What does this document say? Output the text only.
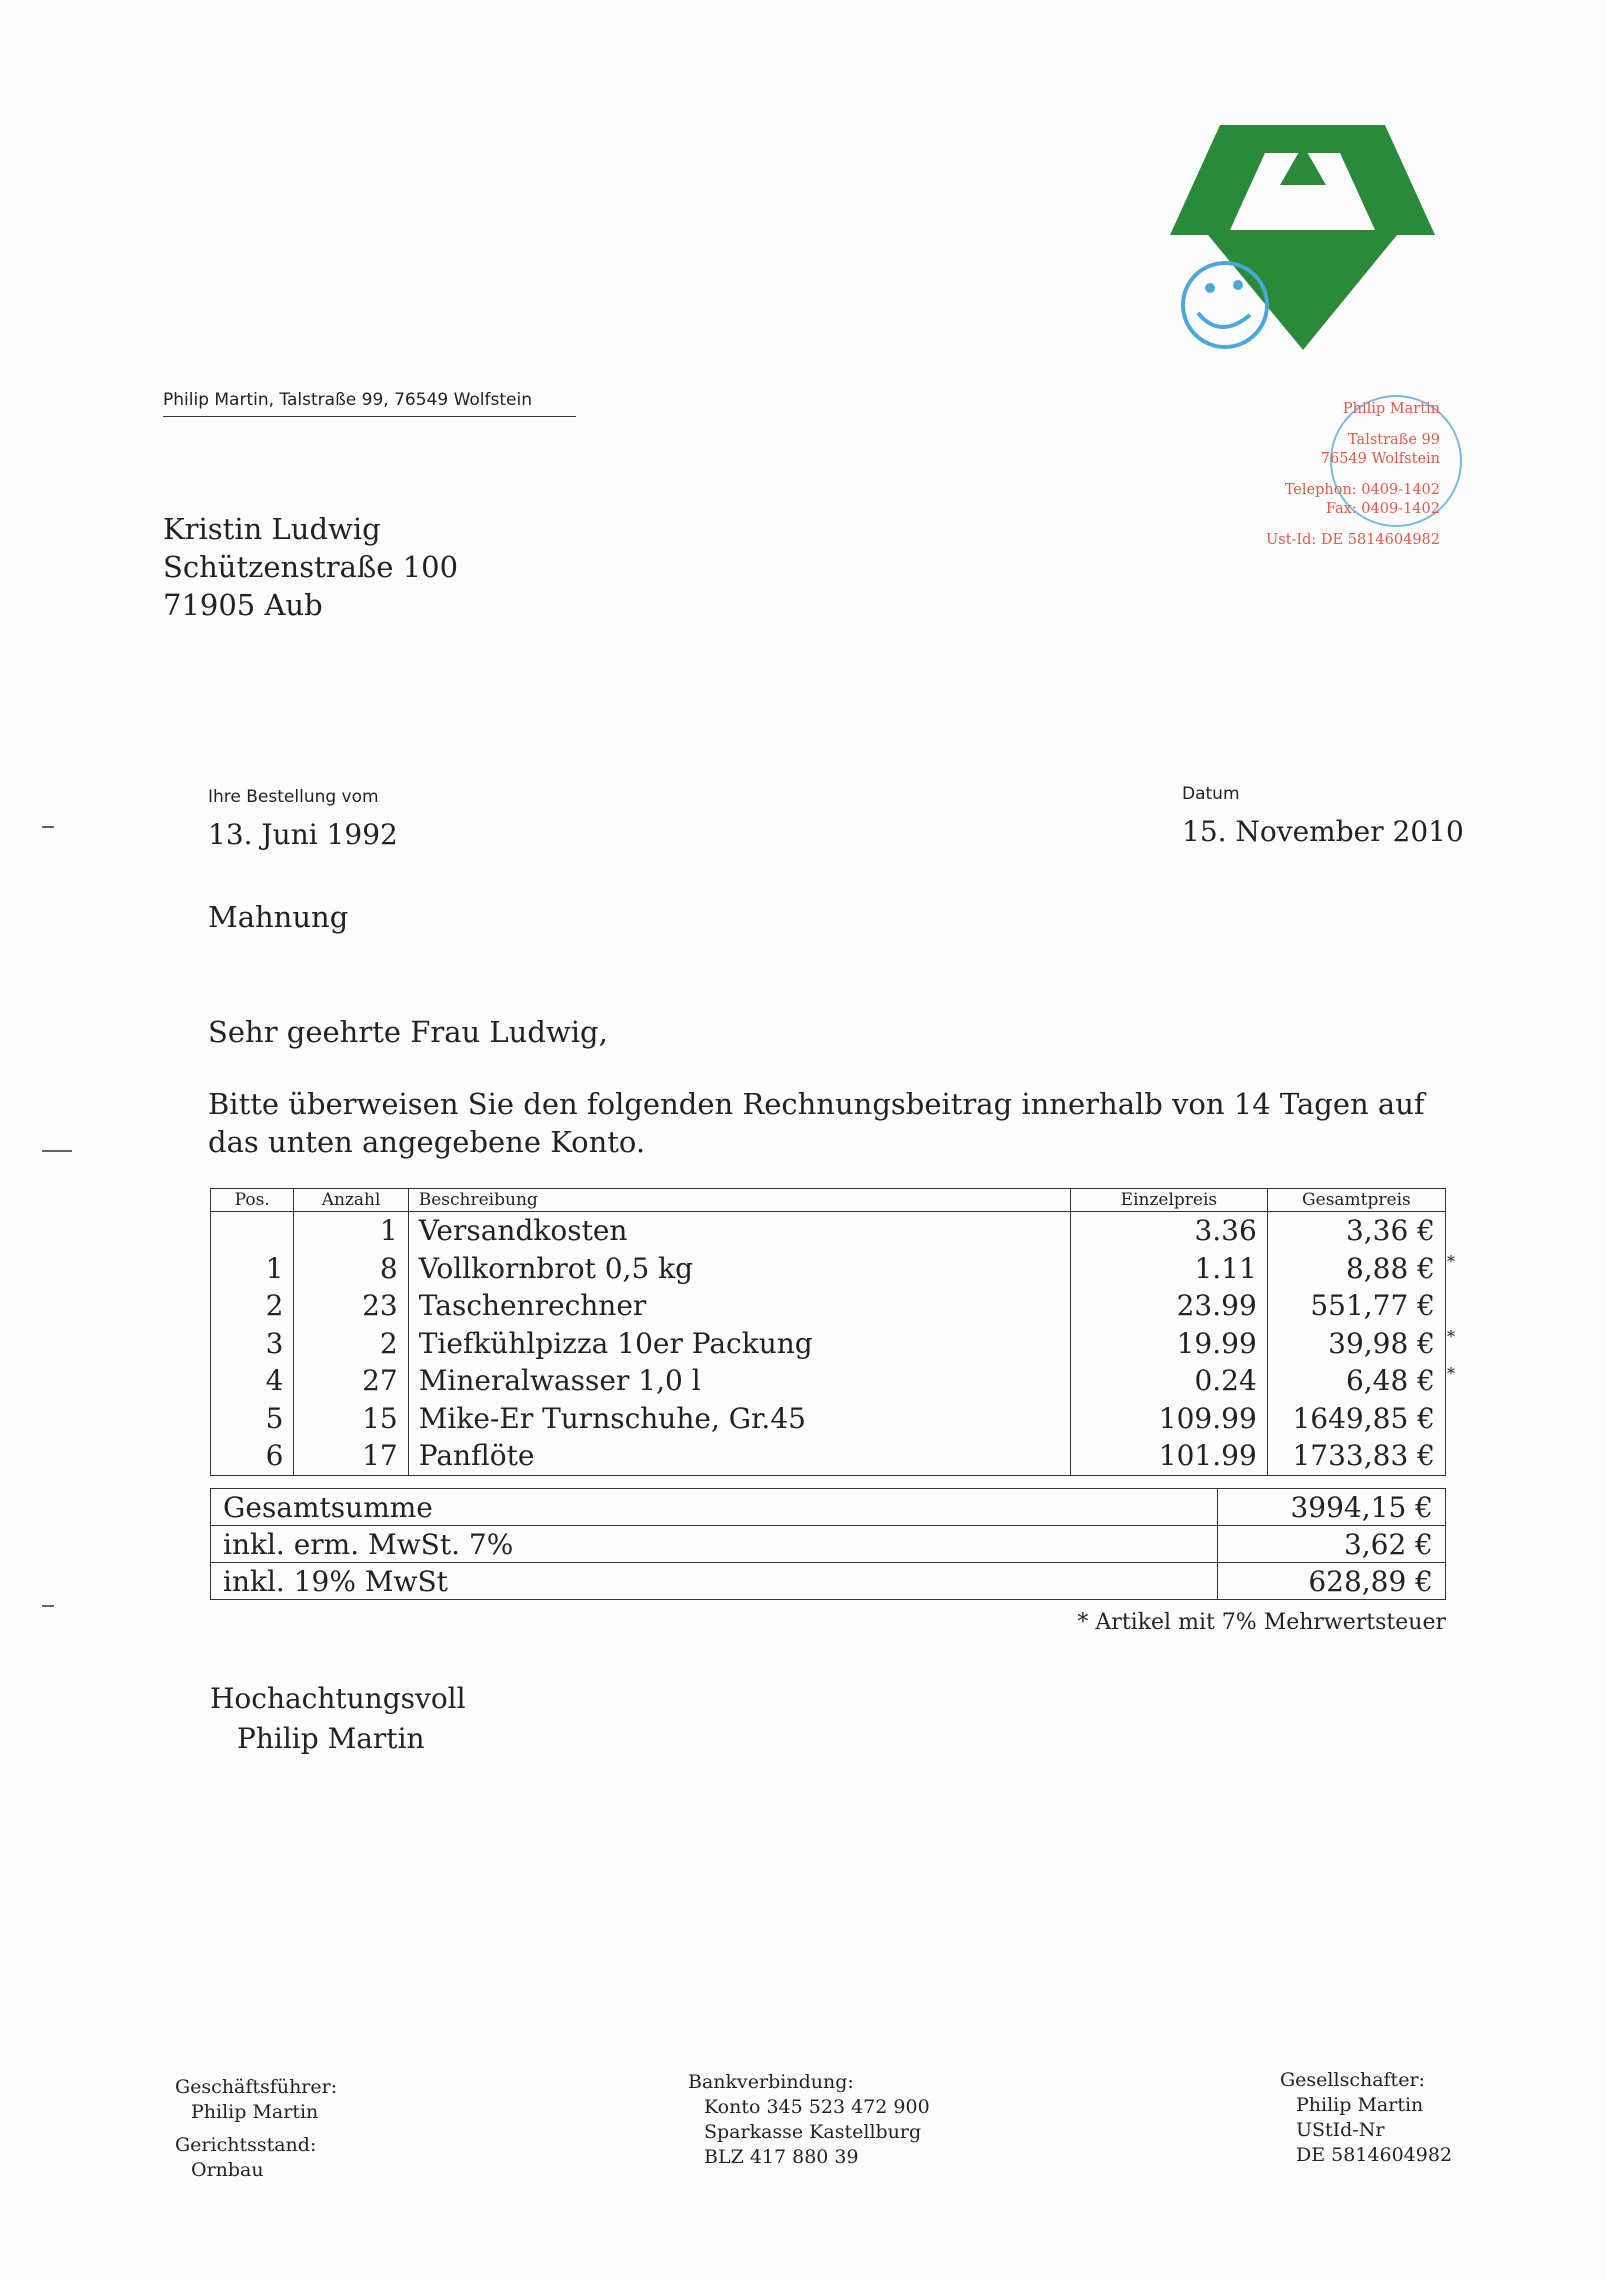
Philip Martin, Talstraße 99, 76549 Wolfstein
Kristin Ludwig
Schützenstraße 100
71905 Aub
Philip Martin
Talstraße 99
76549 Wolfstein
Telephon: 0409-1402
Fax: 0409-1402
Ust-Id: DE 5814604982
Ihre Bestellung vom
13. Juni 1992
Datum
15. November 2010
Mahnung
Sehr geehrte Frau Ludwig,
Bitte überweisen Sie den folgenden Rechnungsbeitrag innerhalb von 14 Tagen auf das unten angegebene Konto.
Pos.	Anzahl	Beschreibung	Einzelpreis	Gesamtpreis
	1	Versandkosten	3.36	3,36 €

1	8	Vollkornbrot 0,5 kg	1.11	8,88 € *

2	23	Taschenrechner	23.99	551,77 €

3	2	Tiefkühlpizza 10er Packung	19.99	39,98 € *

4	27	Mineralwasser 1,0 l	0.24	6,48 € *

5	15	Mike-Er Turnschuhe, Gr.45	109.99	1649,85 €

6	17	Panflöte	101.99	1733,83 €
Gesamtsumme	3994,15 €
inkl. erm. MwSt. 7%	3,62 €
inkl. 19% MwSt	628,89 €
* Artikel mit 7% Mehrwertsteuer
Hochachtungsvoll
Philip Martin
Geschäftsführer:
Philip Martin
Gerichtsstand:
Ornbau
Bankverbindung:
Konto 345 523 472 900
Sparkasse Kastellburg
BLZ 417 880 39
Gesellschafter:
Philip Martin
UStId-Nr
DE 5814604982
